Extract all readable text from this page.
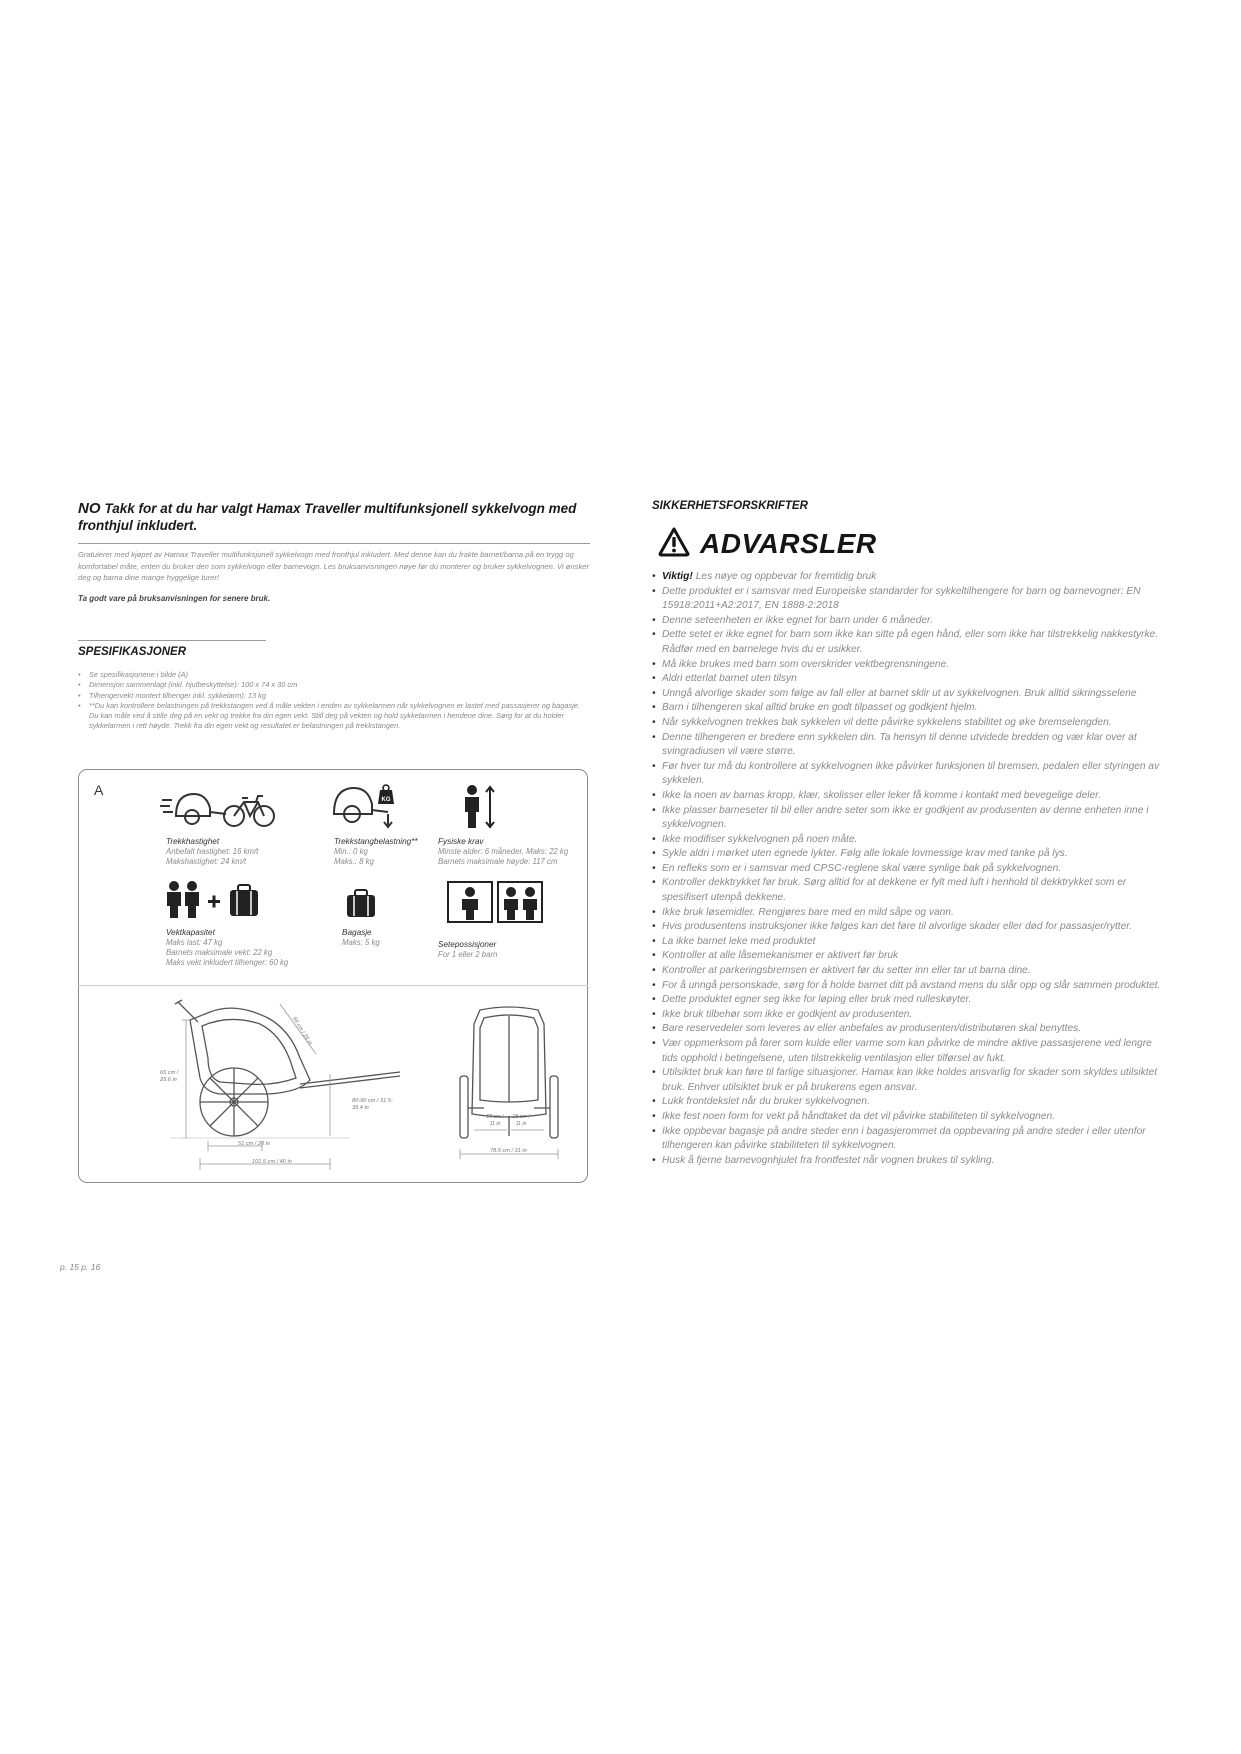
NO Takk for at du har valgt Hamax Traveller multifunksjonell sykkelvogn med fronthjul inkludert.
Gratulerer med kjøpet av Hamax Traveller multifunksjonell sykkelvogn med fronthjul inkludert. Med denne kan du frakte barnet/barna på en trygg og komfortabel måte, enten du bruker den som sykkelvogn eller barnevogn. Les bruksanvisningen nøye før du monterer og bruker sykkelvognen. Vi ønsker deg og barna dine mange hyggelige turer!
Ta godt vare på bruksanvisningen for senere bruk.
SPESIFIKASJONER
• Se spesifikasjonene i bilde (A)
• Dimensjon sammenlagt (inkl. hjulbeskyttelse): 100 x 74 x 30 cm
• Tilhengervekt montert tilhenger inkl. sykkelarm): 13 kg
• **Du kan kontrollere belastningen på trekkstangen ved å måle vekten i enden av sykkelarmen når sykkelvognen er lastet med passasjerer og bagasje. Du kan måle ved å stille deg på en vekt og trekke fra din egen vekt. Still deg på vekten og hold sykkelarmen i hendene dine. Sørg for at du holder sykkelarmen i rett høyde. Trekk fra din egen vekt og resultatet er belastningen på trekkstangen.
A
KG
Trekkhastighet
Anbefalt hastighet: 16 km/t
Makshastighet: 24 km/t
Trekkstangbelastning**
Min.: 0 kg
Maks.: 8 kg
Fysiske krav
Minste alder: 6 måneder. Maks: 22 kg
Barnets maksimale høyde: 117 cm
Vektkapasitet
Maks last: 47 kg
Barnets maksimale vekt: 22 kg
Maks vekt inkludert tilhenger: 60 kg
Bagasje
Maks: 5 kg	Setepossisjoner
For 1 eller 2 barn
65 cm / 25.6 in
66 cm / 26 in
80-90 cm / 31.5-35.4 in
51 cm / 20 in
101.5 cm / 40 in
28 cm / 11 in
28 cm / 11 in
78.5 cm / 31 in
p. 15 p. 16
SIKKERHETSFORSKRIFTER
ADVARSLER
• Viktig! Les nøye og oppbevar for fremtidig bruk
• Dette produktet er i samsvar med Europeiske standarder for sykkeltilhengere for barn og barnevogner: EN 15918:2011+A2:2017, EN 1888-2:2018
• Denne seteenheten er ikke egnet for barn under 6 måneder.
• Dette setet er ikke egnet for barn som ikke kan sitte på egen hånd, eller som ikke har tilstrekkelig nakkestyrke. Rådfør med en barnelege hvis du er usikker.
• Må ikke brukes med barn som overskrider vektbegrensningene.
• Aldri etterlat barnet uten tilsyn
• Unngå alvorlige skader som følge av fall eller at barnet sklir ut av sykkelvognen. Bruk alltid sikringsselene
• Barn i tilhengeren skal alltid bruke en godt tilpasset og godkjent hjelm.
• Når sykkelvognen trekkes bak sykkelen vil dette påvirke sykkelens stabilitet og øke bremselengden.
• Denne tilhengeren er bredere enn sykkelen din. Ta hensyn til denne utvidede bredden og vær klar over at svingradiusen vil være større.
• Før hver tur må du kontrollere at sykkelvognen ikke påvirker funksjonen til bremsen, pedalen eller styringen av sykkelen.
• Ikke la noen av barnas kropp, klær, skolisser eller leker få komme i kontakt med bevegelige deler.
• Ikke plasser barneseter til bil eller andre seter som ikke er godkjent av produsenten av denne enheten inne i sykkelvognen.
• Ikke modifiser sykkelvognen på noen måte.
• Sykle aldri i mørket uten egnede lykter. Følg alle lokale lovmessige krav med tanke på lys.
• En refleks som er i samsvar med CPSC-reglene skal være synlige bak på sykkelvognen.
• Kontroller dekktrykket før bruk. Sørg alltid for at dekkene er fylt med luft i henhold til dekktrykket som er spesifisert utenpå dekkene.
• Ikke bruk løsemidler. Rengjøres bare med en mild såpe og vann.
• Hvis produsentens instruksjoner ikke følges kan det føre til alvorlige skader eller død for passasjer/rytter.
• La ikke barnet leke med produktet
• Kontroller at alle låsemekanismer er aktivert før bruk
• Kontroller at parkeringsbremsen er aktivert før du setter inn eller tar ut barna dine.
• For å unngå personskade, sørg for å holde barnet ditt på avstand mens du slår opp og slår sammen produktet.
• Dette produktet egner seg ikke for løping eller bruk med rulleskøyter.
• Ikke bruk tilbehør som ikke er godkjent av produsenten.
• Bare reservedeler som leveres av eller anbefales av produsenten/distributøren skal benyttes.
• Vær oppmerksom på farer som kulde eller varme som kan påvirke de mindre aktive passasjerene ved lengre tids opphold i betingelsene, uten tilstrekkelig ventilasjon eller tilførsel av fukt.
• Utilsiktet bruk kan føre til farlige situasjoner. Hamax kan ikke holdes ansvarlig for skader som skyldes utilsiktet bruk. Enhver utilsiktet bruk er på brukerens egen ansvar.
• Lukk frontdekslet når du bruker sykkelvognen.
• Ikke fest noen form for vekt på håndtaket da det vil påvirke stabiliteten til sykkelvognen.
• Ikke oppbevar bagasje på andre steder enn i bagasjerommet da oppbevaring på andre steder i eller utenfor tilhengeren kan påvirke stabiliteten til sykkelvognen.
• Husk å fjerne barnevognhjulet fra frontfestet når vognen brukes til sykling.
